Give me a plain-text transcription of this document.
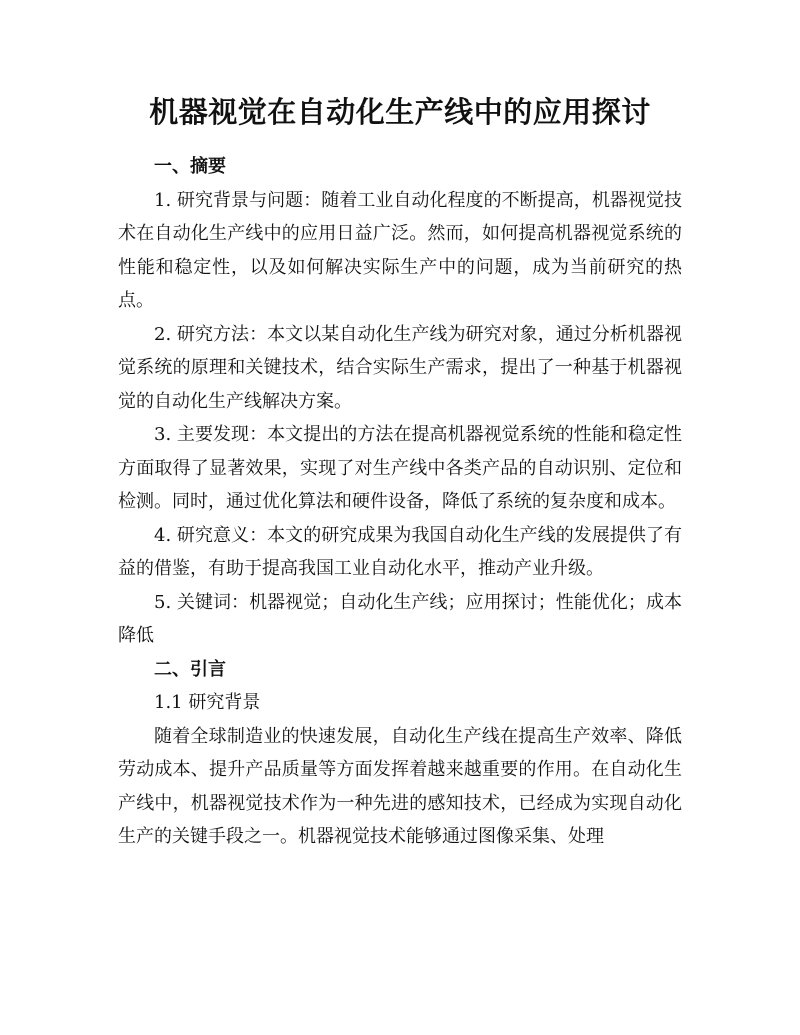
机器视觉在自动化生产线中的应用探讨
一、摘要

1. 研究背景与问题：随着工业自动化程度的不断提高，机器视觉技术在自动化生产线中的应用日益广泛。然而，如何提高机器视觉系统的性能和稳定性，以及如何解决实际生产中的问题，成为当前研究的热点。

2. 研究方法：本文以某自动化生产线为研究对象，通过分析机器视觉系统的原理和关键技术，结合实际生产需求，提出了一种基于机器视觉的自动化生产线解决方案。

3. 主要发现：本文提出的方法在提高机器视觉系统的性能和稳定性方面取得了显著效果，实现了对生产线中各类产品的自动识别、定位和检测。同时，通过优化算法和硬件设备，降低了系统的复杂度和成本。

4. 研究意义：本文的研究成果为我国自动化生产线的发展提供了有益的借鉴，有助于提高我国工业自动化水平，推动产业升级。

5. 关键词：机器视觉；自动化生产线；应用探讨；性能优化；成本降低

二、引言
1.1 研究背景

随着全球制造业的快速发展，自动化生产线在提高生产效率、降低劳动成本、提升产品质量等方面发挥着越来越重要的作用。在自动化生产线中，机器视觉技术作为一种先进的感知技术，已经成为实现自动化生产的关键手段之一。机器视觉技术能够通过图像采集、处理
